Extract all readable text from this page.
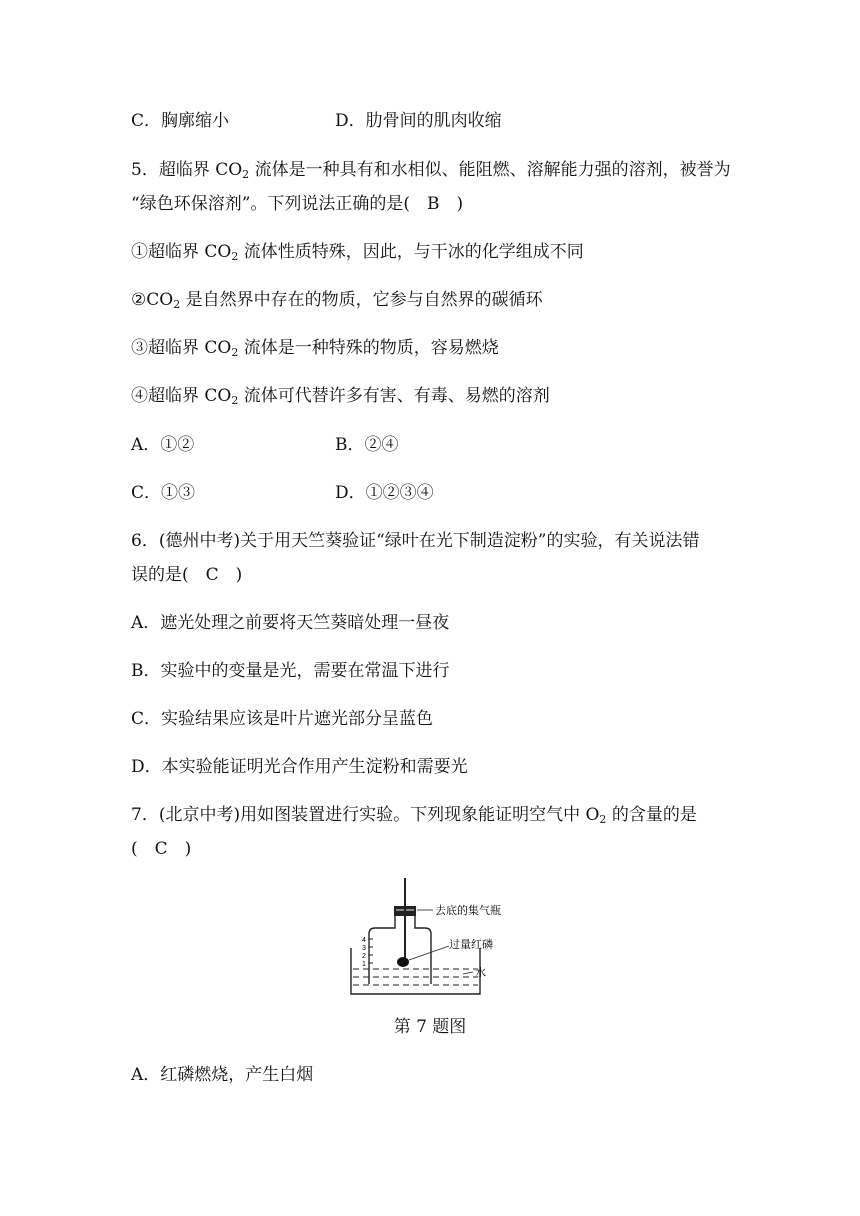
C．胸廓缩小	D．肋骨间的肌肉收缩
5．超临界 $CO_2$ 流体是一种具有和水相似、能阻燃、溶解能力强的溶剂，被誉为
“绿色环保溶剂”。下列说法正确的是(　B　)
①超临界 $CO_2$ 流体性质特殊，因此，与干冰的化学组成不同
$②CO_2$ 是自然界中存在的物质，它参与自然界的碳循环
③超临界 $CO_2$ 流体是一种特殊的物质，容易燃烧
④超临界 $CO_2$ 流体可代替许多有害、有毒、易燃的溶剂
A．①②	B．②④
C．①③	D．①②③④
6．(德州中考)关于用天竺葵验证“绿叶在光下制造淀粉”的实验，有关说法错
误的是(　C　)
A．遮光处理之前要将天竺葵暗处理一昼夜
B．实验中的变量是光，需要在常温下进行
C．实验结果应该是叶片遮光部分呈蓝色
D．本实验能证明光合作用产生淀粉和需要光
7．(北京中考)用如图装置进行实验。下列现象能证明空气中 $O_2$ 的含量的是
(　C　)
4
3
2
1
去底的集气瓶
过量红磷
水
第 7 题图
A．红磷燃烧，产生白烟
